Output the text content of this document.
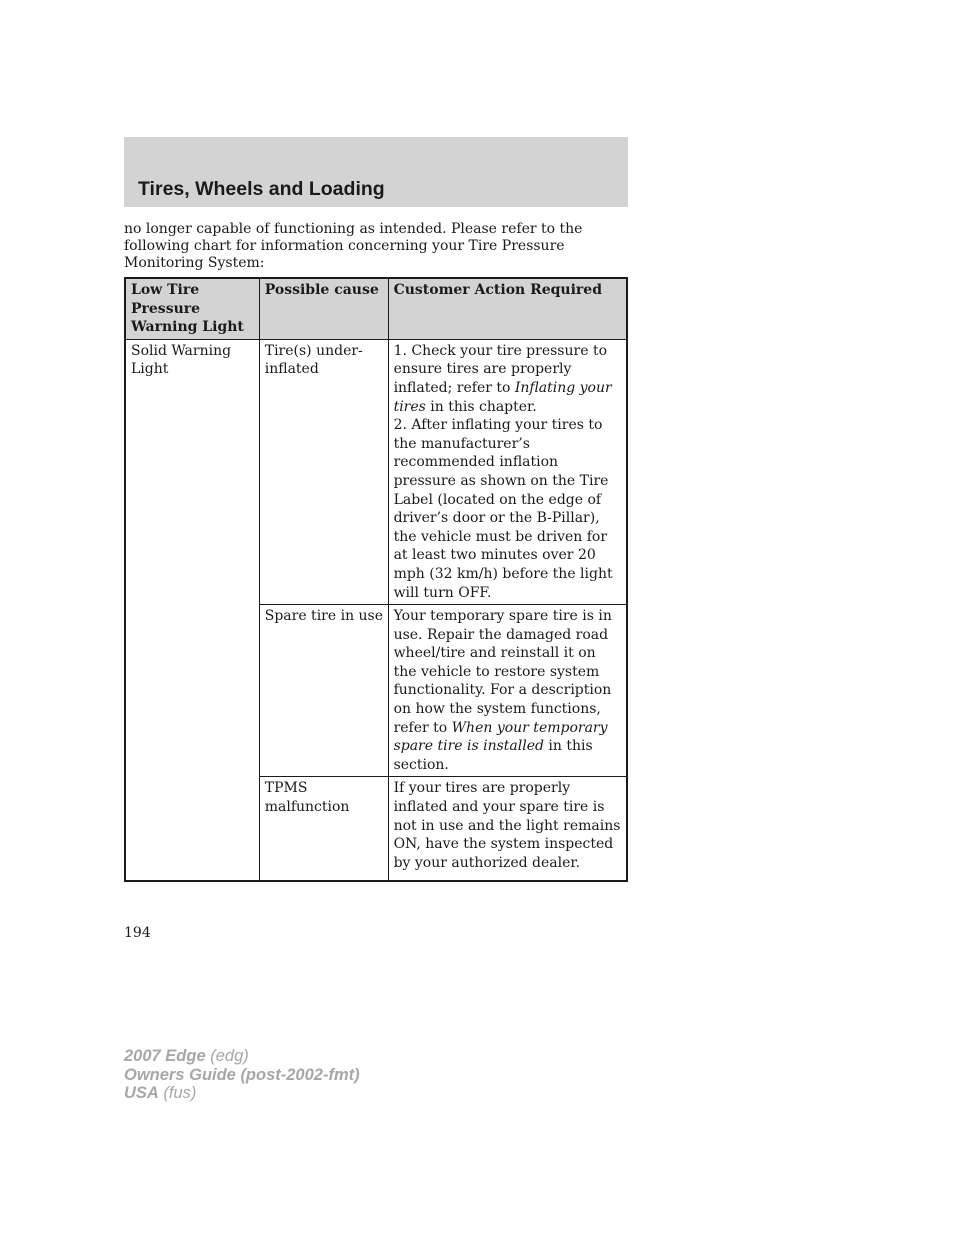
Tires, Wheels and Loading

no longer capable of functioning as intended. Please refer to the following chart for information concerning your Tire Pressure Monitoring System:

Low Tire Pressure Warning Light	Possible cause	Customer Action Required
Solid Warning Light	Tire(s) under-inflated	1. Check your tire pressure to ensure tires are properly inflated; refer to Inflating your tires in this chapter.
2. After inflating your tires to the manufacturer’s recommended inflation pressure as shown on the Tire Label (located on the edge of driver’s door or the B-Pillar), the vehicle must be driven for at least two minutes over 20 mph (32 km/h) before the light will turn OFF.
	Spare tire in use	Your temporary spare tire is in use. Repair the damaged road wheel/tire and reinstall it on the vehicle to restore system functionality. For a description on how the system functions, refer to When your temporary spare tire is installed in this section.
	TPMS malfunction	If your tires are properly inflated and your spare tire is not in use and the light remains ON, have the system inspected by your authorized dealer.
194
2007 Edge (edg)
Owners Guide (post-2002-fmt)
USA (fus)
